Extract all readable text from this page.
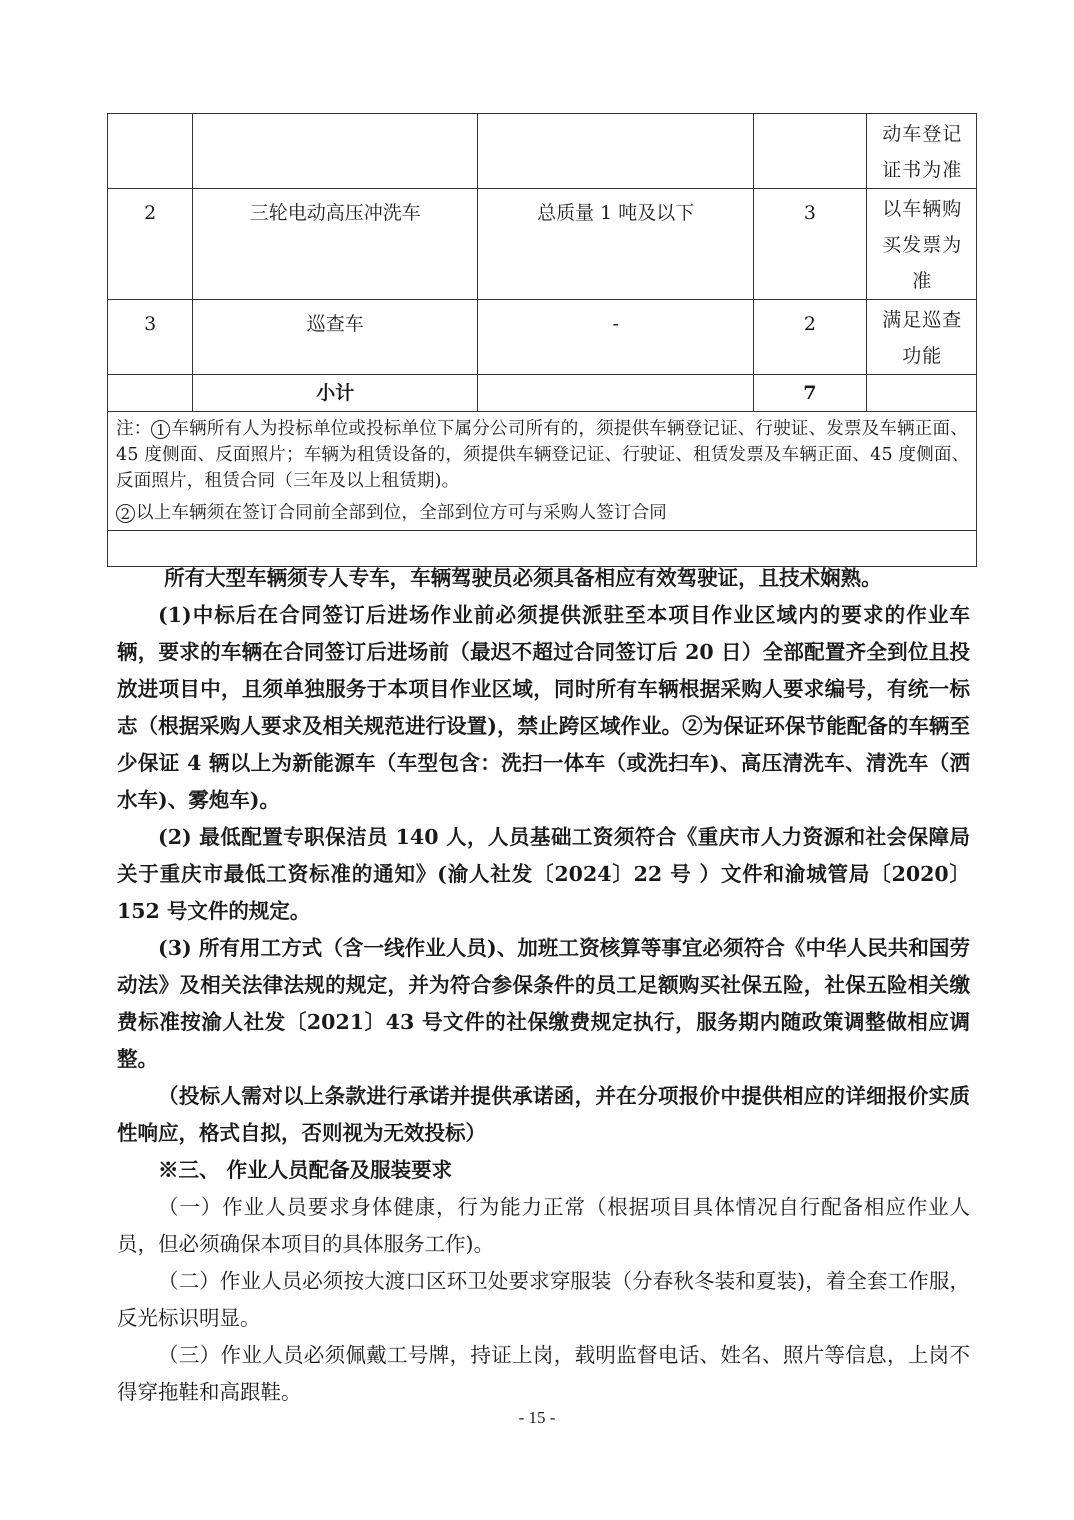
				动车登记证书为准
2	三轮电动高压冲洗车	总质量 1 吨及以下	3	以车辆购买发票为准
3	巡查车	-	2	满足巡查功能
	小计		7	

注： 1 车辆所有人为投标单位或投标单位下属分公司所有的，须提供车辆登记证、行驶证、发票及车辆正面、45 度侧面、反面照片；车辆为租赁设备的，须提供车辆登记证、行驶证、租赁发票及车辆正面、45 度侧面、反面照片，租赁合同（三年及以上租赁期)。

2 以上车辆须在签订合同前全部到位，全部到位方可与采购人签订合同				

所有大型车辆须专人专车，车辆驾驶员必须具备相应有效驾驶证，且技术娴熟。

(1)中标后在合同签订后进场作业前必须提供派驻至本项目作业区域内的要求的作业车辆，要求的车辆在合同签订后进场前（最迟不超过合同签订后 20 日）全部配置齐全到位且投放进项目中，且须单独服务于本项目作业区域，同时所有车辆根据采购人要求编号，有统一标志（根据采购人要求及相关规范进行设置)，禁止跨区域作业。②为保证环保节能配备的车辆至少保证 4 辆以上为新能源车（车型包含：洗扫一体车（或洗扫车)、高压清洗车、清洗车（洒水车)、雾炮车)。

(2) 最低配置专职保洁员 140 人，人员基础工资须符合《重庆市人力资源和社会保障局关于重庆市最低工资标准的通知》(渝人社发〔2024〕22 号 ）文件和渝城管局〔2020〕152 号文件的规定。

(3) 所有用工方式（含一线作业人员)、加班工资核算等事宜必须符合《中华人民共和国劳动法》及相关法律法规的规定，并为符合参保条件的员工足额购买社保五险，社保五险相关缴费标准按渝人社发〔2021〕43 号文件的社保缴费规定执行，服务期内随政策调整做相应调整。

（投标人需对以上条款进行承诺并提供承诺函，并在分项报价中提供相应的详细报价实质性响应，格式自拟，否则视为无效投标）

※三、 作业人员配备及服装要求

（一）作业人员要求身体健康，行为能力正常（根据项目具体情况自行配备相应作业人员，但必须确保本项目的具体服务工作)。

（二）作业人员必须按大渡口区环卫处要求穿服装（分春秋冬装和夏装)，着全套工作服，反光标识明显。

（三）作业人员必须佩戴工号牌，持证上岗，载明监督电话、姓名、照片等信息，上岗不得穿拖鞋和高跟鞋。

- 15 -
